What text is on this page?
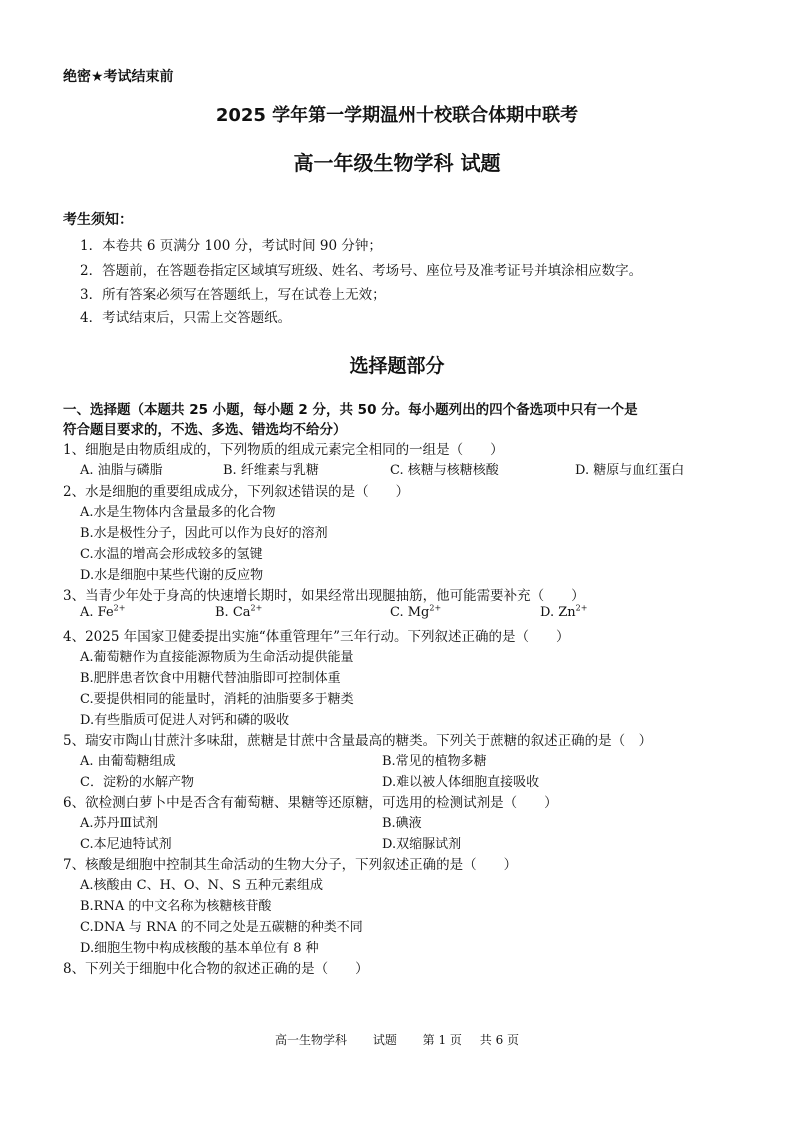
绝密★考试结束前
2025 学年第一学期温州十校联合体期中联考
高一年级生物学科 试题
考生须知：
1．本卷共 6 页满分 100 分，考试时间 90 分钟；
2．答题前，在答题卷指定区域填写班级、姓名、考场号、座位号及准考证号并填涂相应数字。
3．所有答案必须写在答题纸上，写在试卷上无效；
4．考试结束后，只需上交答题纸。
选择题部分
一、选择题（本题共 25 小题，每小题 2 分，共 50 分。每小题列出的四个备选项中只有一个是
符合题目要求的，不选、多选、错选均不给分）
1、细胞是由物质组成的，下列物质的组成元素完全相同的一组是（　　）
A. 油脂与磷脂	B. 纤维素与乳糖	C. 核糖与核糖核酸	D. 糖原与血红蛋白
2、水是细胞的重要组成成分，下列叙述错误的是（　　）
A.水是生物体内含量最多的化合物
B.水是极性分子，因此可以作为良好的溶剂
C.水温的增高会形成较多的氢键
D.水是细胞中某些代谢的反应物
3、当青少年处于身高的快速增长期时，如果经常出现腿抽筋，他可能需要补充（　　）
A. $Fe^{2+}$	B. $Ca^{2+}$	C. $Mg^{2+}$	D. $Zn^{2+}$
4、2025 年国家卫健委提出实施“体重管理年”三年行动。下列叙述正确的是（　　）
A.葡萄糖作为直接能源物质为生命活动提供能量
B.肥胖患者饮食中用糖代替油脂即可控制体重
C.要提供相同的能量时，消耗的油脂要多于糖类
D.有些脂质可促进人对钙和磷的吸收
5、瑞安市陶山甘蔗汁多味甜，蔗糖是甘蔗中含量最高的糖类。下列关于蔗糖的叙述正确的是（　）
A. 由葡萄糖组成	B.常见的植物多糖
C．淀粉的水解产物	D.难以被人体细胞直接吸收
6、欲检测白萝卜中是否含有葡萄糖、果糖等还原糖，可选用的检测试剂是（　　）
A.苏丹Ⅲ试剂	B.碘液
C.本尼迪特试剂	D.双缩脲试剂
7、核酸是细胞中控制其生命活动的生物大分子，下列叙述正确的是（　　）
A.核酸由 C、H、O、N、S 五种元素组成
B.RNA 的中文名称为核糖核苷酸
C.DNA 与 RNA 的不同之处是五碳糖的种类不同
D.细胞生物中构成核酸的基本单位有 8 种
8、下列关于细胞中化合物的叙述正确的是（　　）
高一生物学科 试题 第 1 页 共 6 页
